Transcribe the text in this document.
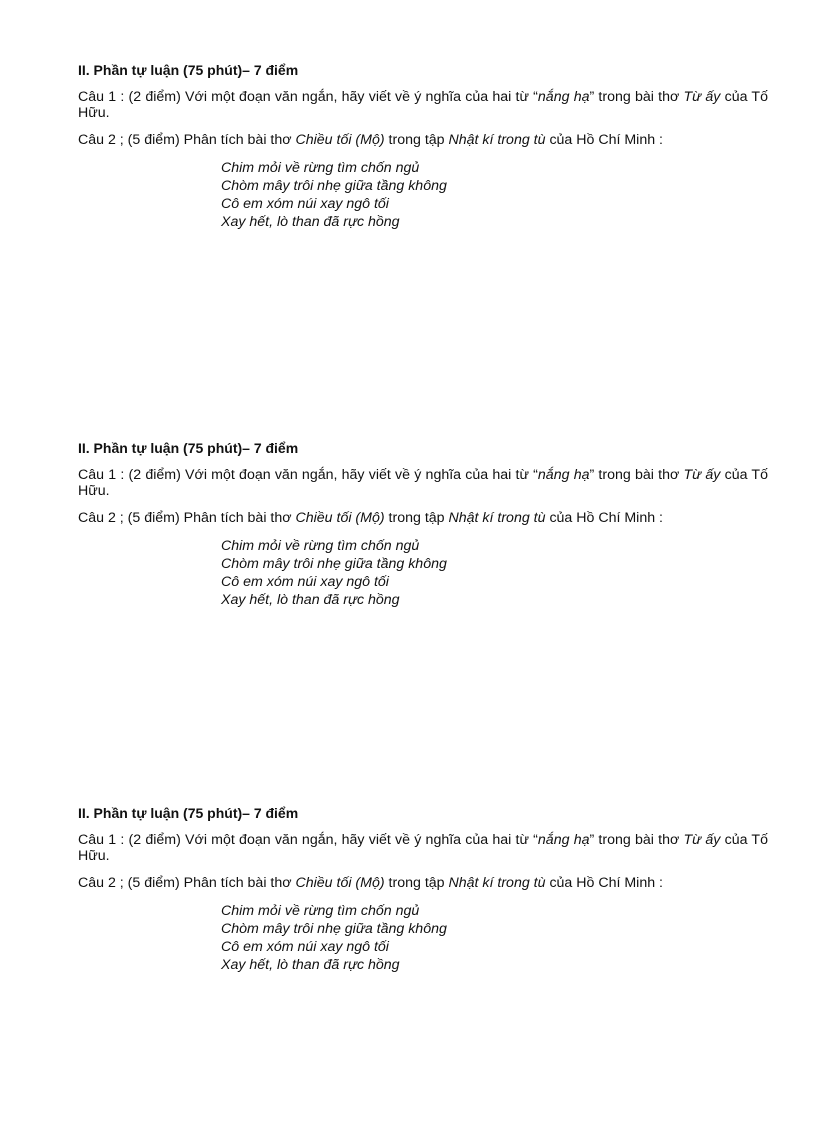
II. Phần tự luận (75 phút)– 7 điểm
Câu 1 : (2 điểm) Với một đoạn văn ngắn, hãy viết về ý nghĩa của hai từ “nắng hạ” trong bài thơ Từ ấy của Tố Hữu.
Câu 2 ; (5 điểm) Phân tích bài thơ Chiều tối (Mộ) trong tập Nhật kí trong tù của Hồ Chí Minh :
Chim mỏi về rừng tìm chốn ngủ
Chòm mây trôi nhẹ giữa tầng không
Cô em xóm núi xay ngô tối
Xay hết, lò than đã rực hồng
II. Phần tự luận (75 phút)– 7 điểm
Câu 1 : (2 điểm) Với một đoạn văn ngắn, hãy viết về ý nghĩa của hai từ “nắng hạ” trong bài thơ Từ ấy của Tố Hữu.
Câu 2 ; (5 điểm) Phân tích bài thơ Chiều tối (Mộ) trong tập Nhật kí trong tù của Hồ Chí Minh :
Chim mỏi về rừng tìm chốn ngủ
Chòm mây trôi nhẹ giữa tầng không
Cô em xóm núi xay ngô tối
Xay hết, lò than đã rực hồng
II. Phần tự luận (75 phút)– 7 điểm
Câu 1 : (2 điểm) Với một đoạn văn ngắn, hãy viết về ý nghĩa của hai từ “nắng hạ” trong bài thơ Từ ấy của Tố Hữu.
Câu 2 ; (5 điểm) Phân tích bài thơ Chiều tối (Mộ) trong tập Nhật kí trong tù của Hồ Chí Minh :
Chim mỏi về rừng tìm chốn ngủ
Chòm mây trôi nhẹ giữa tầng không
Cô em xóm núi xay ngô tối
Xay hết, lò than đã rực hồng
